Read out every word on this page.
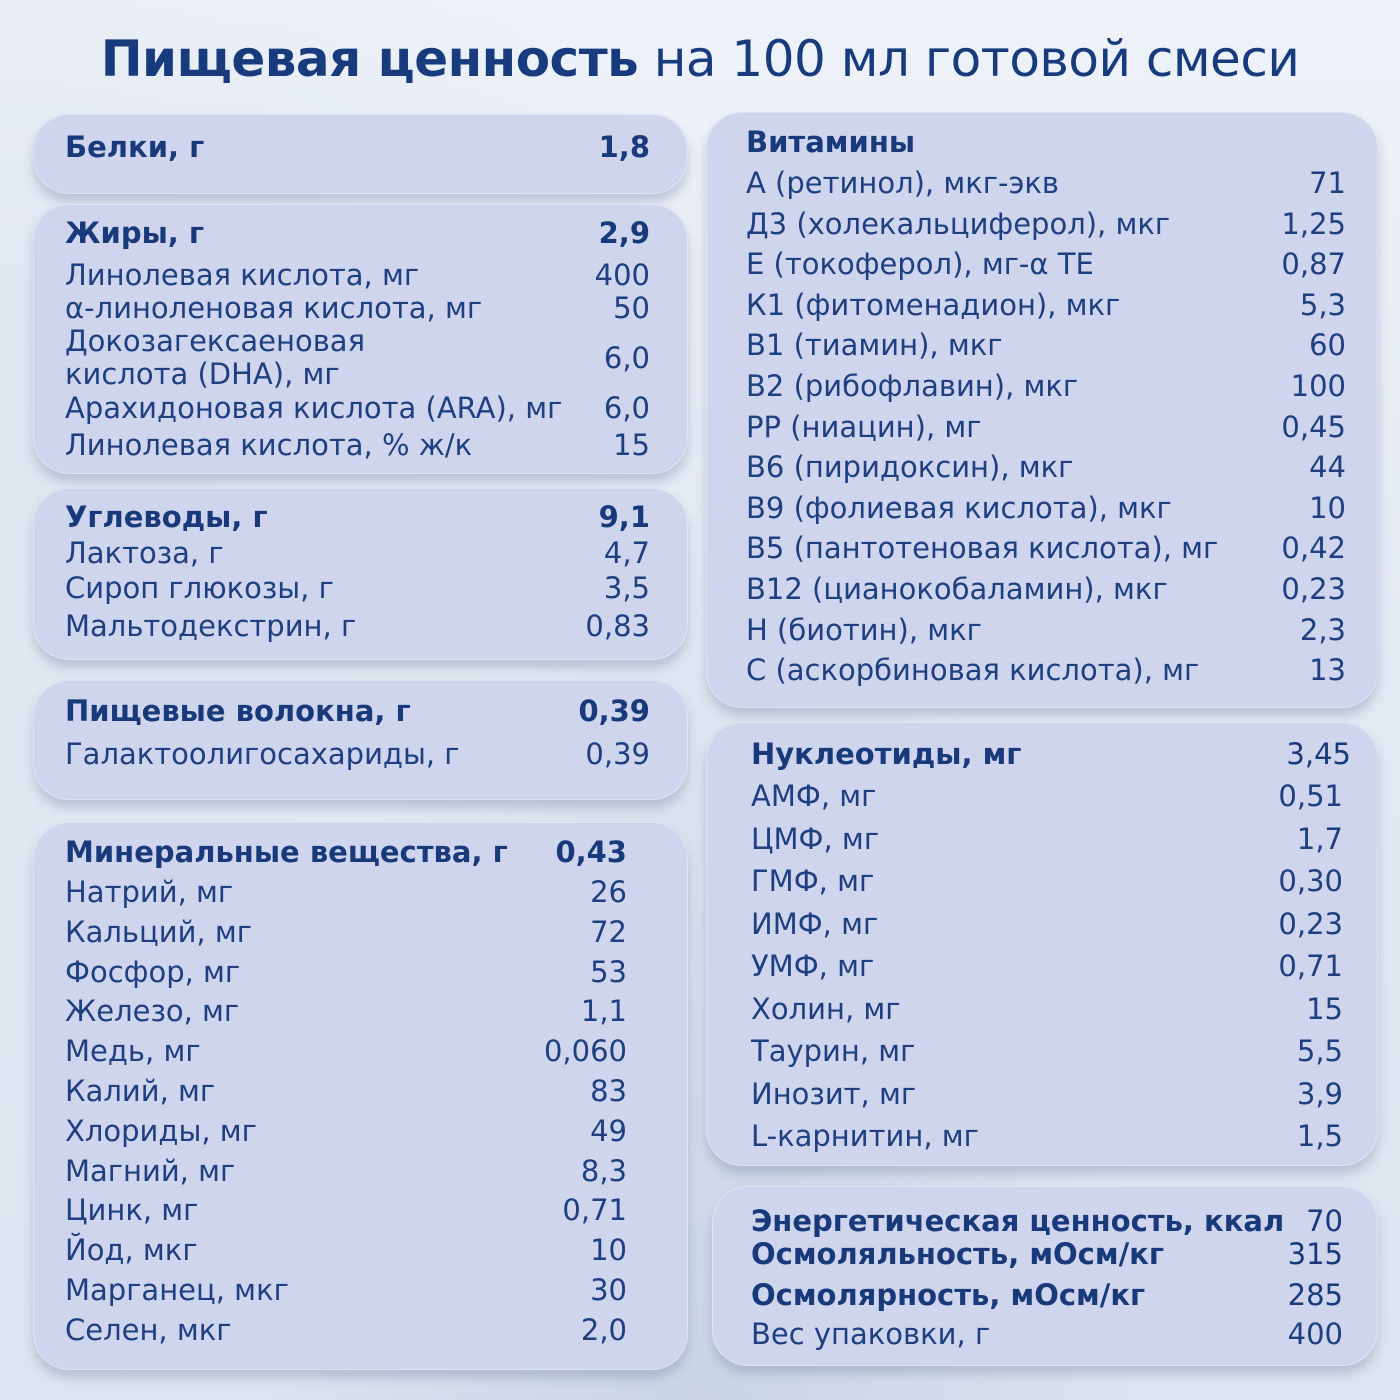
Пищевая ценность на 100 мл готовой смеси
Белки, г	1,8
Жиры, г	2,9
Линолевая кислота, мг	400
α-линоленовая кислота, мг	50
Докозагексаеновая
кислота (DHA), мг	6,0
Арахидоновая кислота (ARA), мг 6,0
Линолевая кислота, % ж/к	15
Углеводы, г	9,1
Лактоза, г	4,7
Сироп глюкозы, г	3,5
Мальтодекстрин, г	0,83
Пищевые волокна, г	0,39
Галактоолигосахариды, г	0,39
Минеральные вещества, г 0,43
Натрий, мг	26
Кальций, мг	72
Фосфор, мг	53
Железо, мг	1,1
Медь, мг	0,060
Калий, мг	83
Хлориды, мг	49
Магний, мг	8,3
Цинк, мг	0,71
Йод, мкг	10
Марганец, мкг	30
Селен, мкг	2,0
Витамины
А (ретинол), мкг-экв	71
Д3 (холекальциферол), мкг	1,25
Е (токоферол), мг-α ТЕ	0,87
К1 (фитоменадион), мкг	5,3
В1 (тиамин), мкг	60
В2 (рибофлавин), мкг	100
РР (ниацин), мг	0,45
В6 (пиридоксин), мкг	44
В9 (фолиевая кислота), мкг	10
В5 (пантотеновая кислота), мг 0,42
В12 (цианокобаламин), мкг	0,23
Н (биотин), мкг	2,3
С (аскорбиновая кислота), мг	13
Нуклеотиды, мг	3,45
АМФ, мг	0,51
ЦМФ, мг	1,7
ГМФ, мг	0,30
ИМФ, мг	0,23
УМФ, мг	0,71
Холин, мг	15
Таурин, мг	5,5
Инозит, мг	3,9
L-карнитин, мг	1,5
Энергетическая ценность, ккал 70
Осмоляльность, мОсм/кг	315
Осмолярность, мОсм/кг	285
Вес упаковки, г	400
